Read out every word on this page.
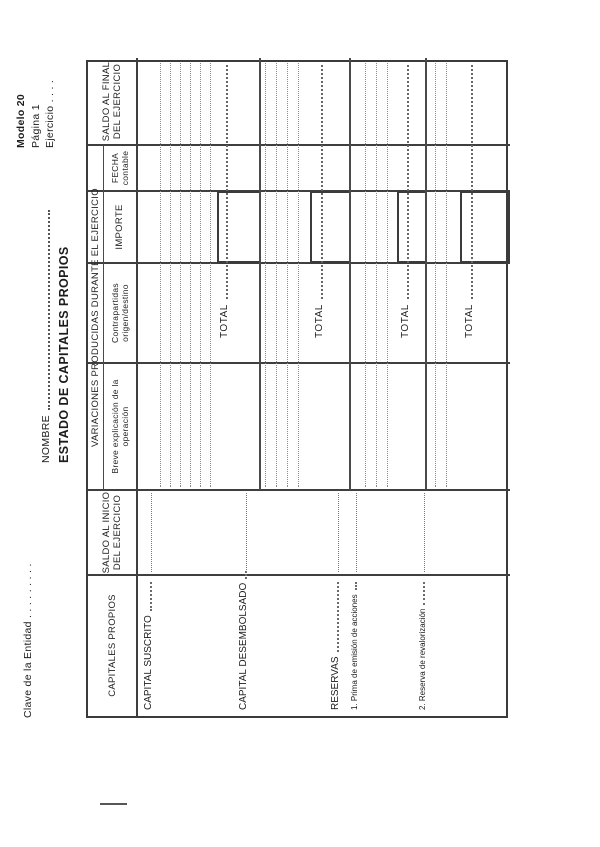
Clave de la Entidad . . . . . . . . .
NOMBRE ESTADO DE CAPITALES PROPIOS
Modelo 20 Página 1 Ejercicio . . . .
CAPITALES PROPIOS
SALDO AL INICIO DEL EJERCICIO
VARIACIONES PRODUCIDAS DURANTE EL EJERCICIO Breve explicación de la operación
Contrapartidas origen/destino
IMPORTE
FECHA contable
SALDO AL FINAL DEL EJERCICIO
CAPITAL SUSCRITO
TOTAL
CAPITAL DESEMBOLSADO
TOTAL
RESERVAS 1. Prima de emisión de acciones
TOTAL
2. Reserva de revalorización
TOTAL
